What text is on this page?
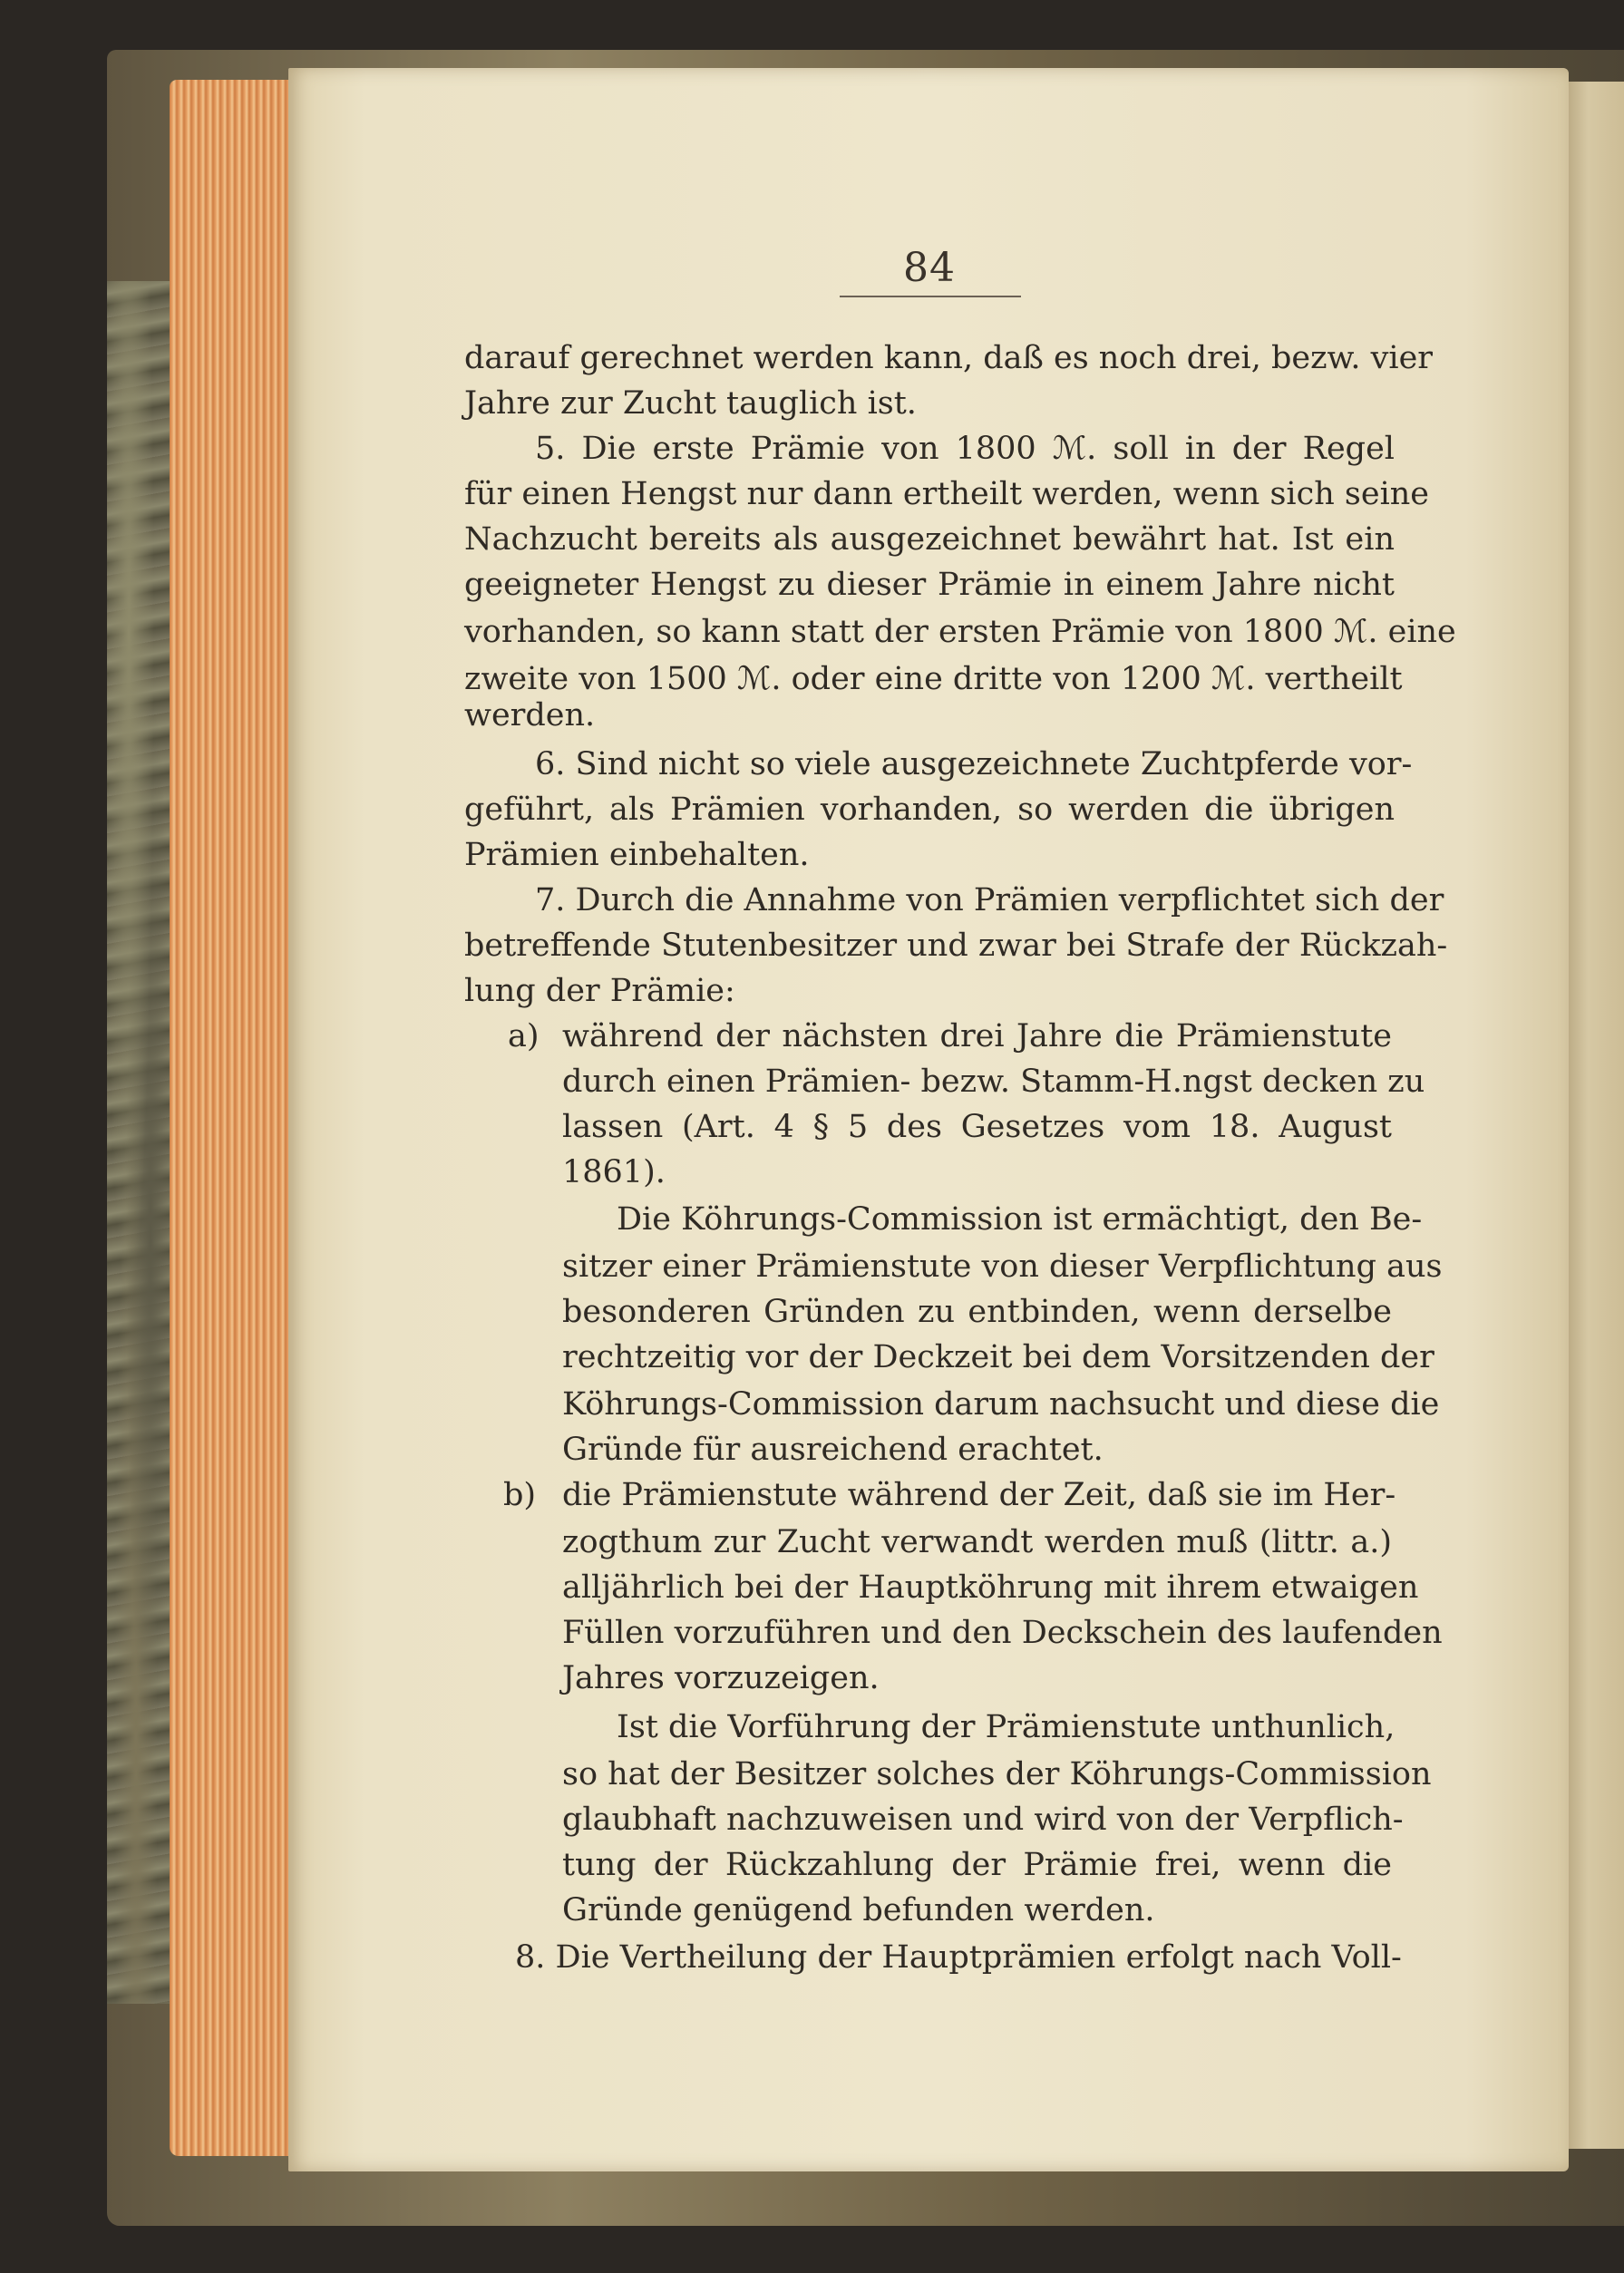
84
darauf gerechnet werden kann, daß es noch drei, bezw. vier
Jahre zur Zucht tauglich ist.
5. Die erste Prämie von 1800 ℳ. soll in der Regel
für einen Hengst nur dann ertheilt werden, wenn sich seine
Nachzucht bereits als ausgezeichnet bewährt hat. Ist ein
geeigneter Hengst zu dieser Prämie in einem Jahre nicht
vorhanden, so kann statt der ersten Prämie von 1800 ℳ. eine
zweite von 1500 ℳ. oder eine dritte von 1200 ℳ. vertheilt
werden.
6. Sind nicht so viele ausgezeichnete Zuchtpferde vor-
geführt, als Prämien vorhanden, so werden die übrigen
Prämien einbehalten.
7. Durch die Annahme von Prämien verpflichtet sich der
betreffende Stutenbesitzer und zwar bei Strafe der Rückzah-
lung der Prämie:
a) während der nächsten drei Jahre die Prämienstute
durch einen Prämien- bezw. Stamm-H.ngst decken zu
lassen (Art. 4 § 5 des Gesetzes vom 18. August
1861).
Die Köhrungs-Commission ist ermächtigt, den Be-
sitzer einer Prämienstute von dieser Verpflichtung aus
besonderen Gründen zu entbinden, wenn derselbe
rechtzeitig vor der Deckzeit bei dem Vorsitzenden der
Köhrungs-Commission darum nachsucht und diese die
Gründe für ausreichend erachtet.
b) die Prämienstute während der Zeit, daß sie im Her-
zogthum zur Zucht verwandt werden muß (littr. a.)
alljährlich bei der Hauptköhrung mit ihrem etwaigen
Füllen vorzuführen und den Deckschein des laufenden
Jahres vorzuzeigen.
Ist die Vorführung der Prämienstute unthunlich,
so hat der Besitzer solches der Köhrungs-Commission
glaubhaft nachzuweisen und wird von der Verpflich-
tung der Rückzahlung der Prämie frei, wenn die
Gründe genügend befunden werden.
8. Die Vertheilung der Hauptprämien erfolgt nach Voll-
